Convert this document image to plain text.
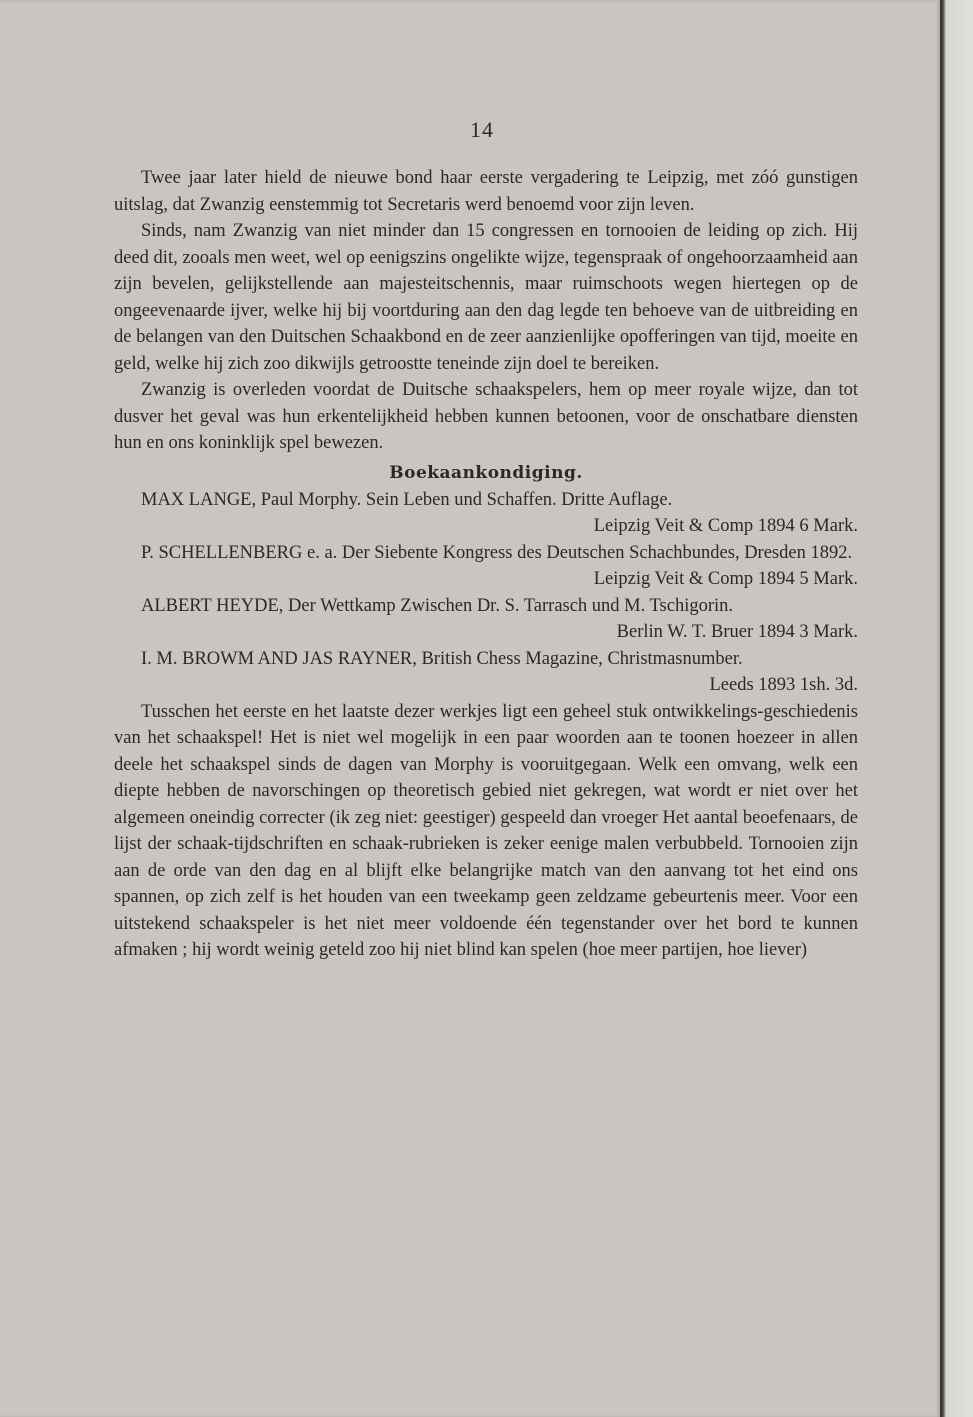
14

Twee jaar later hield de nieuwe bond haar eerste vergadering te Leipzig, met zóó gunstigen uitslag, dat Zwanzig eenstemmig tot Secretaris werd benoemd voor zijn leven.

Sinds, nam Zwanzig van niet minder dan 15 congressen en tornooien de leiding op zich. Hij deed dit, zooals men weet, wel op eenigszins ongelikte wijze, tegenspraak of ongehoorzaamheid aan zijn bevelen, gelijkstellende aan majesteitschennis, maar ruimschoots wegen hiertegen op de ongeevenaarde ijver, welke hij bij voortduring aan den dag legde ten behoeve van de uitbreiding en de belangen van den Duitschen Schaakbond en de zeer aanzienlijke opofferingen van tijd, moeite en geld, welke hij zich zoo dikwijls getroostte teneinde zijn doel te bereiken.

Zwanzig is overleden voordat de Duitsche schaakspelers, hem op meer royale wijze, dan tot dusver het geval was hun erkentelijkheid hebben kunnen betoonen, voor de onschatbare diensten hun en ons koninklijk spel bewezen.

Boekaankondiging.

MAX LANGE, Paul Morphy. Sein Leben und Schaffen. Dritte Auflage.

Leipzig Veit & Comp 1894 6 Mark.

P. SCHELLENBERG e. a. Der Siebente Kongress des Deutschen Schachbundes, Dresden 1892.

Leipzig Veit & Comp 1894 5 Mark.

ALBERT HEYDE, Der Wettkamp Zwischen Dr. S. Tarrasch und M. Tschigorin.

Berlin W. T. Bruer 1894 3 Mark.

I. M. BROWM AND JAS RAYNER, British Chess Magazine, Christmasnumber.

Leeds 1893 1sh. 3d.

Tusschen het eerste en het laatste dezer werkjes ligt een geheel stuk ontwikkelings-geschiedenis van het schaakspel! Het is niet wel mogelijk in een paar woorden aan te toonen hoezeer in allen deele het schaakspel sinds de dagen van Morphy is vooruitgegaan. Welk een omvang, welk een diepte hebben de navorschingen op theoretisch gebied niet gekregen, wat wordt er niet over het algemeen oneindig correcter (ik zeg niet: geestiger) gespeeld dan vroeger Het aantal beoefenaars, de lijst der schaak-tijdschriften en schaak-rubrieken is zeker eenige malen verbubbeld. Tornooien zijn aan de orde van den dag en al blijft elke belangrijke match van den aanvang tot het eind ons spannen, op zich zelf is het houden van een tweekamp geen zeldzame gebeurtenis meer. Voor een uitstekend schaakspeler is het niet meer voldoende één tegenstander over het bord te kunnen afmaken ; hij wordt weinig geteld zoo hij niet blind kan spelen (hoe meer partijen, hoe liever)
